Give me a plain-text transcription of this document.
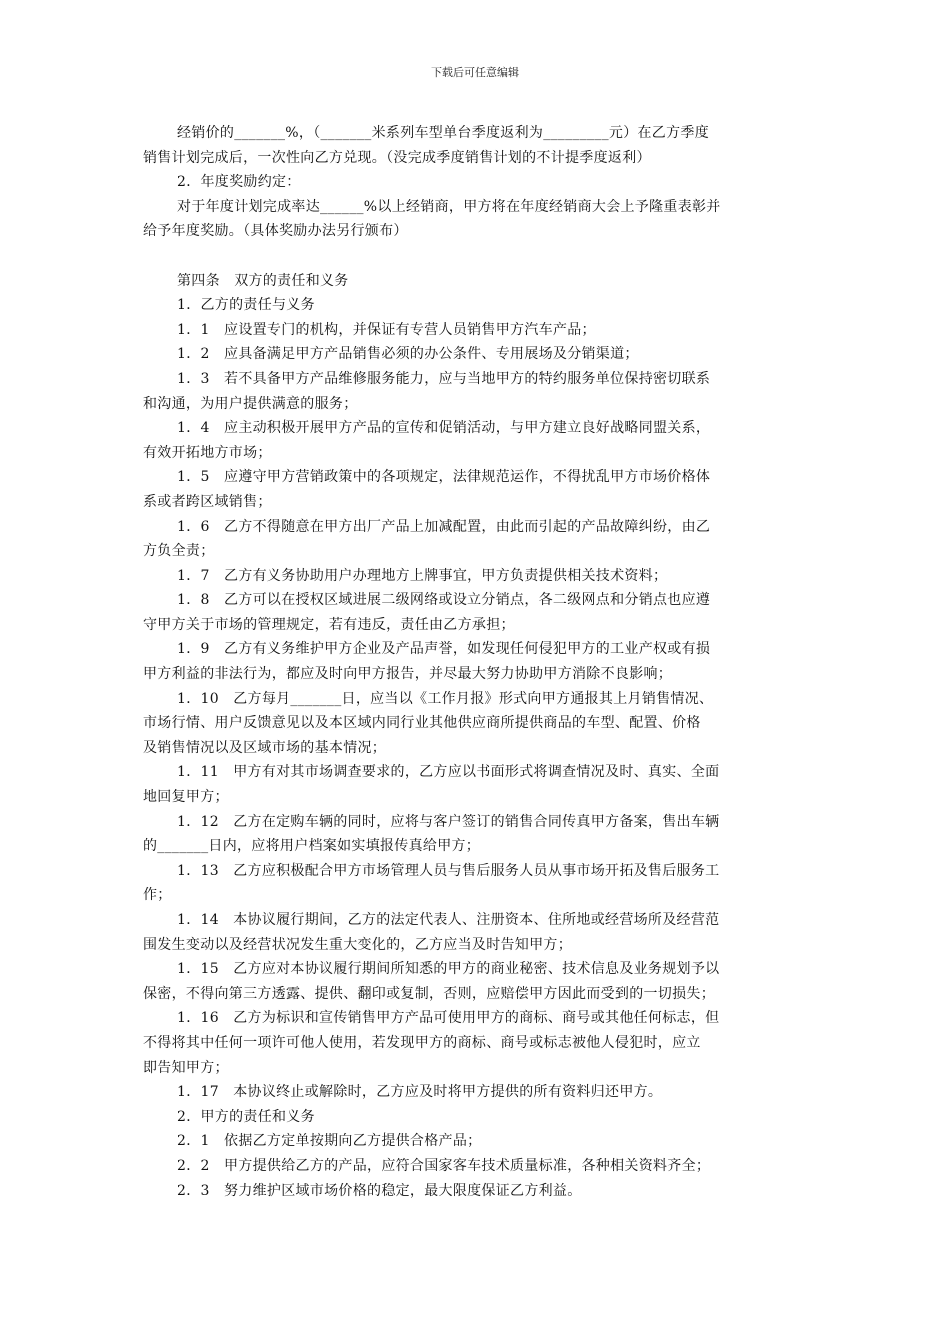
下载后可任意编辑
经销价的_______%，（_______米系列车型单台季度返利为_________元）在乙方季度
销售计划完成后，一次性向乙方兑现。（没完成季度销售计划的不计提季度返利）
2．年度奖励约定：
对于年度计划完成率达______%以上经销商，甲方将在年度经销商大会上予隆重表彰并
给予年度奖励。（具体奖励办法另行颁布）
第四条　双方的责任和义务
1．乙方的责任与义务
1．1　应设置专门的机构，并保证有专营人员销售甲方汽车产品；
1．2　应具备满足甲方产品销售必须的办公条件、专用展场及分销渠道；
1．3　若不具备甲方产品维修服务能力，应与当地甲方的特约服务单位保持密切联系
和沟通，为用户提供满意的服务；
1．4　应主动积极开展甲方产品的宣传和促销活动，与甲方建立良好战略同盟关系，
有效开拓地方市场；
1．5　应遵守甲方营销政策中的各项规定，法律规范运作，不得扰乱甲方市场价格体
系或者跨区域销售；
1．6　乙方不得随意在甲方出厂产品上加减配置，由此而引起的产品故障纠纷，由乙
方负全责；
1．7　乙方有义务协助用户办理地方上牌事宜，甲方负责提供相关技术资料；
1．8　乙方可以在授权区域进展二级网络或设立分销点，各二级网点和分销点也应遵
守甲方关于市场的管理规定，若有违反，责任由乙方承担；
1．9　乙方有义务维护甲方企业及产品声誉，如发现任何侵犯甲方的工业产权或有损
甲方利益的非法行为，都应及时向甲方报告，并尽最大努力协助甲方消除不良影响；
1．10　乙方每月_______日，应当以《工作月报》形式向甲方通报其上月销售情况、
市场行情、用户反馈意见以及本区域内同行业其他供应商所提供商品的车型、配置、价格
及销售情况以及区域市场的基本情况；
1．11　甲方有对其市场调查要求的，乙方应以书面形式将调查情况及时、真实、全面
地回复甲方；
1．12　乙方在定购车辆的同时，应将与客户签订的销售合同传真甲方备案，售出车辆
的_______日内，应将用户档案如实填报传真给甲方；
1．13　乙方应积极配合甲方市场管理人员与售后服务人员从事市场开拓及售后服务工
作；
1．14　本协议履行期间，乙方的法定代表人、注册资本、住所地或经营场所及经营范
围发生变动以及经营状况发生重大变化的，乙方应当及时告知甲方；
1．15　乙方应对本协议履行期间所知悉的甲方的商业秘密、技术信息及业务规划予以
保密，不得向第三方透露、提供、翻印或复制，否则，应赔偿甲方因此而受到的一切损失；
1．16　乙方为标识和宣传销售甲方产品可使用甲方的商标、商号或其他任何标志，但
不得将其中任何一项许可他人使用，若发现甲方的商标、商号或标志被他人侵犯时，应立
即告知甲方；
1．17　本协议终止或解除时，乙方应及时将甲方提供的所有资料归还甲方。
2．甲方的责任和义务
2．1　依据乙方定单按期向乙方提供合格产品；
2．2　甲方提供给乙方的产品，应符合国家客车技术质量标准，各种相关资料齐全；
2．3　努力维护区域市场价格的稳定，最大限度保证乙方利益。
